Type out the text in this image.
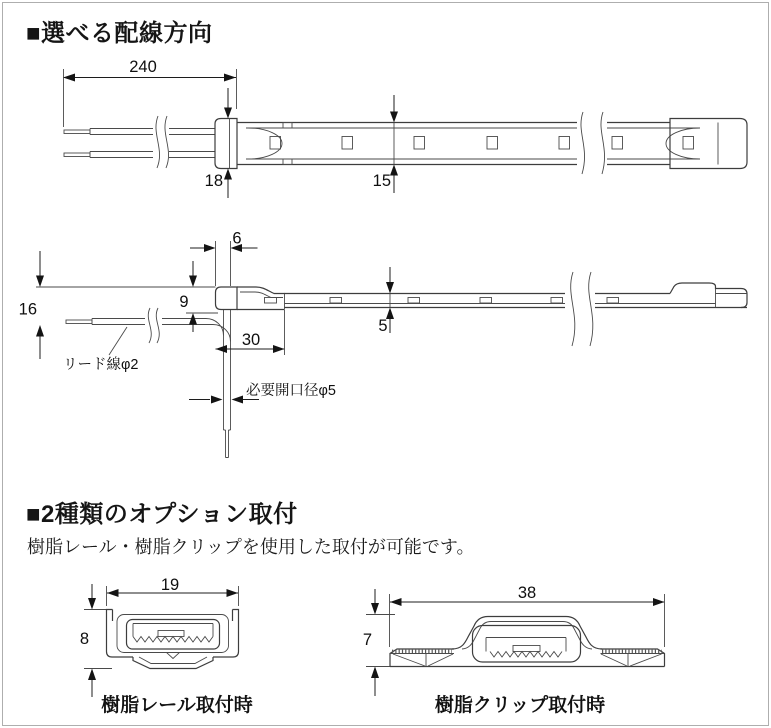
■選べる配線方向
■2種類のオプション取付
樹脂レール・樹脂クリップを使用した取付が可能です。
240
18	15
16
6
9
5
30
リード線φ2
必要開口径φ5
19
8
樹脂レール取付時
38
7
樹脂クリップ取付時
